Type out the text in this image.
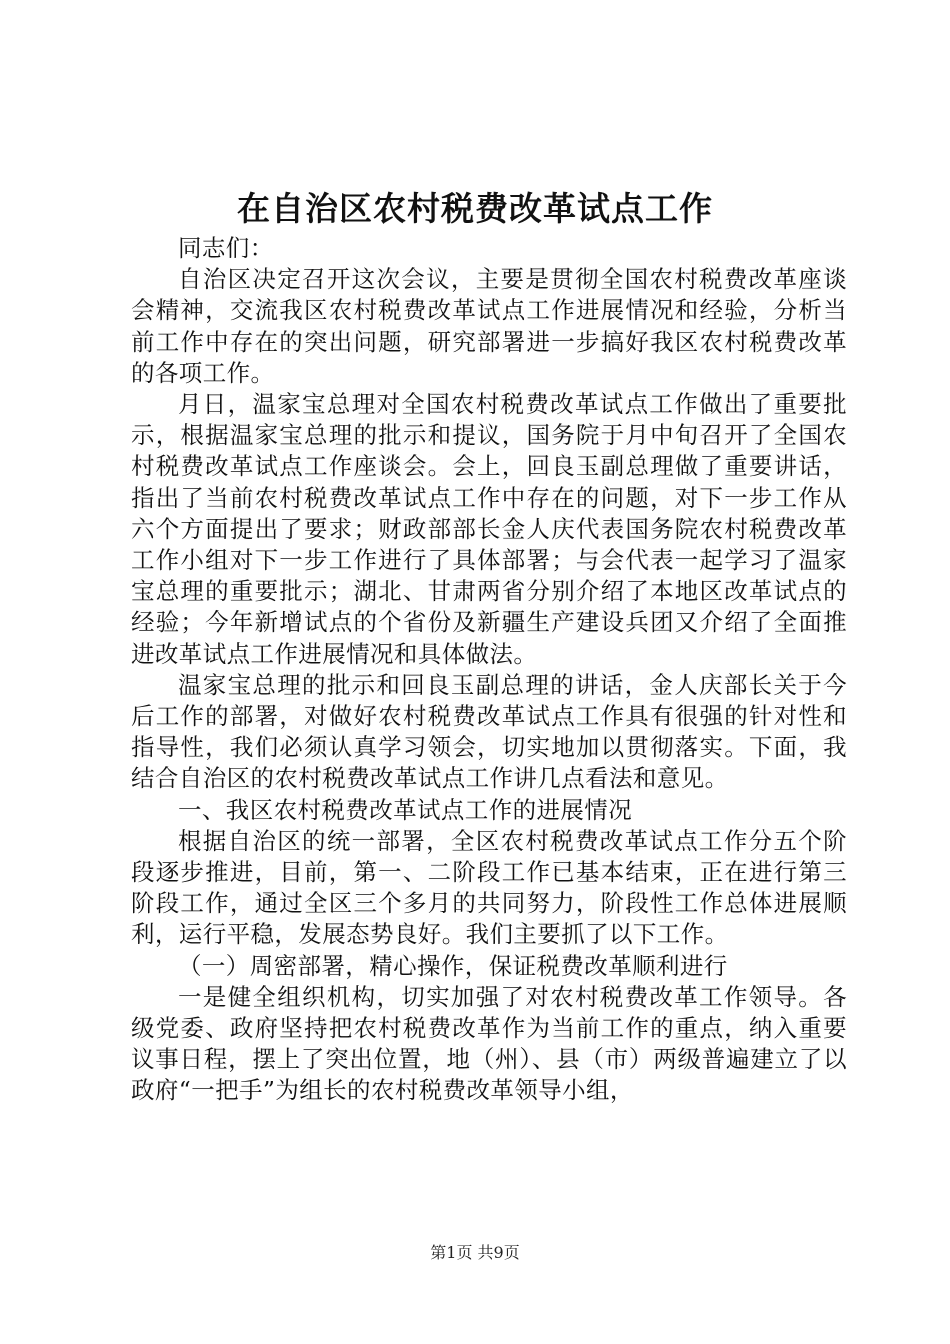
在自治区农村税费改革试点工作

同志们：

自治区决定召开这次会议，主要是贯彻全国农村税费改革座谈会精神，交流我区农村税费改革试点工作进展情况和经验，分析当前工作中存在的突出问题，研究部署进一步搞好我区农村税费改革的各项工作。

月日，温家宝总理对全国农村税费改革试点工作做出了重要批示，根据温家宝总理的批示和提议，国务院于月中旬召开了全国农村税费改革试点工作座谈会。会上，回良玉副总理做了重要讲话，指出了当前农村税费改革试点工作中存在的问题，对下一步工作从六个方面提出了要求；财政部部长金人庆代表国务院农村税费改革工作小组对下一步工作进行了具体部署；与会代表一起学习了温家宝总理的重要批示；湖北、甘肃两省分别介绍了本地区改革试点的经验；今年新增试点的个省份及新疆生产建设兵团又介绍了全面推进改革试点工作进展情况和具体做法。

温家宝总理的批示和回良玉副总理的讲话，金人庆部长关于今后工作的部署，对做好农村税费改革试点工作具有很强的针对性和指导性，我们必须认真学习领会，切实地加以贯彻落实。下面，我结合自治区的农村税费改革试点工作讲几点看法和意见。

一、我区农村税费改革试点工作的进展情况

根据自治区的统一部署，全区农村税费改革试点工作分五个阶段逐步推进，目前，第一、二阶段工作已基本结束，正在进行第三阶段工作，通过全区三个多月的共同努力，阶段性工作总体进展顺利，运行平稳，发展态势良好。我们主要抓了以下工作。

（一）周密部署，精心操作，保证税费改革顺利进行

一是健全组织机构，切实加强了对农村税费改革工作领导。各级党委、政府坚持把农村税费改革作为当前工作的重点，纳入重要议事日程，摆上了突出位置，地（州）、县（市）两级普遍建立了以政府“一把手”为组长的农村税费改革领导小组，

第1页 共9页
